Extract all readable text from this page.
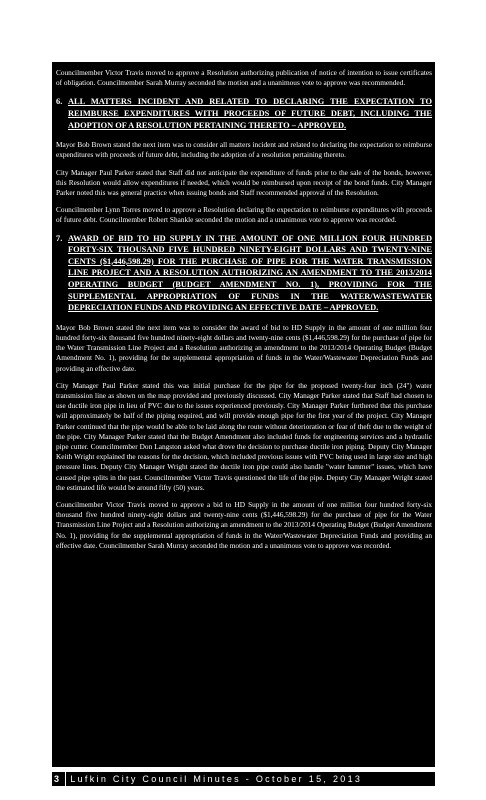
Councilmember Victor Travis moved to approve a Resolution authorizing publication of notice of intention to issue certificates of obligation. Councilmember Sarah Murray seconded the motion and a unanimous vote to approve was recommended.

6. ALL MATTERS INCIDENT AND RELATED TO DECLARING THE EXPECTATION TO REIMBURSE EXPENDITURES WITH PROCEEDS OF FUTURE DEBT, INCLUDING THE ADOPTION OF A RESOLUTION PERTAINING THERETO – APPROVED.

Mayor Bob Brown stated the next item was to consider all matters incident and related to declaring the expectation to reimburse expenditures with proceeds of future debt, including the adoption of a resolution pertaining thereto.

City Manager Paul Parker stated that Staff did not anticipate the expenditure of funds prior to the sale of the bonds, however, this Resolution would allow expenditures if needed, which would be reimbursed upon receipt of the bond funds. City Manager Parker noted this was general practice when issuing bonds and Staff recommended approval of the Resolution.

Councilmember Lynn Torres moved to approve a Resolution declaring the expectation to reimburse expenditures with proceeds of future debt. Councilmember Robert Shankle seconded the motion and a unanimous vote to approve was recorded.

7. AWARD OF BID TO HD SUPPLY IN THE AMOUNT OF ONE MILLION FOUR HUNDRED FORTY-SIX THOUSAND FIVE HUNDRED NINETY-EIGHT DOLLARS AND TWENTY-NINE CENTS ($1,446,598.29) FOR THE PURCHASE OF PIPE FOR THE WATER TRANSMISSION LINE PROJECT AND A RESOLUTION AUTHORIZING AN AMENDMENT TO THE 2013/2014 OPERATING BUDGET (BUDGET AMENDMENT NO. 1), PROVIDING FOR THE SUPPLEMENTAL APPROPRIATION OF FUNDS IN THE WATER/WASTEWATER DEPRECIATION FUNDS AND PROVIDING AN EFFECTIVE DATE – APPROVED.

Mayor Bob Brown stated the next item was to consider the award of bid to HD Supply in the amount of one million four hundred forty-six thousand five hundred ninety-eight dollars and twenty-nine cents ($1,446,598.29) for the purchase of pipe for the Water Transmission Line Project and a Resolution authorizing an amendment to the 2013/2014 Operating Budget (Budget Amendment No. 1), providing for the supplemental appropriation of funds in the Water/Wastewater Depreciation Funds and providing an effective date.

City Manager Paul Parker stated this was initial purchase for the pipe for the proposed twenty-four inch (24") water transmission line as shown on the map provided and previously discussed. City Manager Parker stated that Staff had chosen to use ductile iron pipe in lieu of PVC due to the issues experienced previously. City Manager Parker furthered that this purchase will approximately be half of the piping required, and will provide enough pipe for the first year of the project. City Manager Parker continued that the pipe would be able to be laid along the route without deterioration or fear of theft due to the weight of the pipe. City Manager Parker stated that the Budget Amendment also included funds for engineering services and a hydraulic pipe cutter. Councilmember Don Langston asked what drove the decision to purchase ductile iron piping. Deputy City Manager Keith Wright explained the reasons for the decision, which included previous issues with PVC being used in large size and high pressure lines. Deputy City Manager Wright stated the ductile iron pipe could also handle "water hammer" issues, which have caused pipe splits in the past. Councilmember Victor Travis questioned the life of the pipe. Deputy City Manager Wright stated the estimated life would be around fifty (50) years.

Councilmember Victor Travis moved to approve a bid to HD Supply in the amount of one million four hundred forty-six thousand five hundred ninety-eight dollars and twenty-nine cents ($1,446,598.29) for the purchase of pipe for the Water Transmission Line Project and a Resolution authorizing an amendment to the 2013/2014 Operating Budget (Budget Amendment No. 1), providing for the supplemental appropriation of funds in the Water/Wastewater Depreciation Funds and providing an effective date. Councilmember Sarah Murray seconded the motion and a unanimous vote to approve was recorded.

3 Lufkin City Council Minutes - October 15, 2013
